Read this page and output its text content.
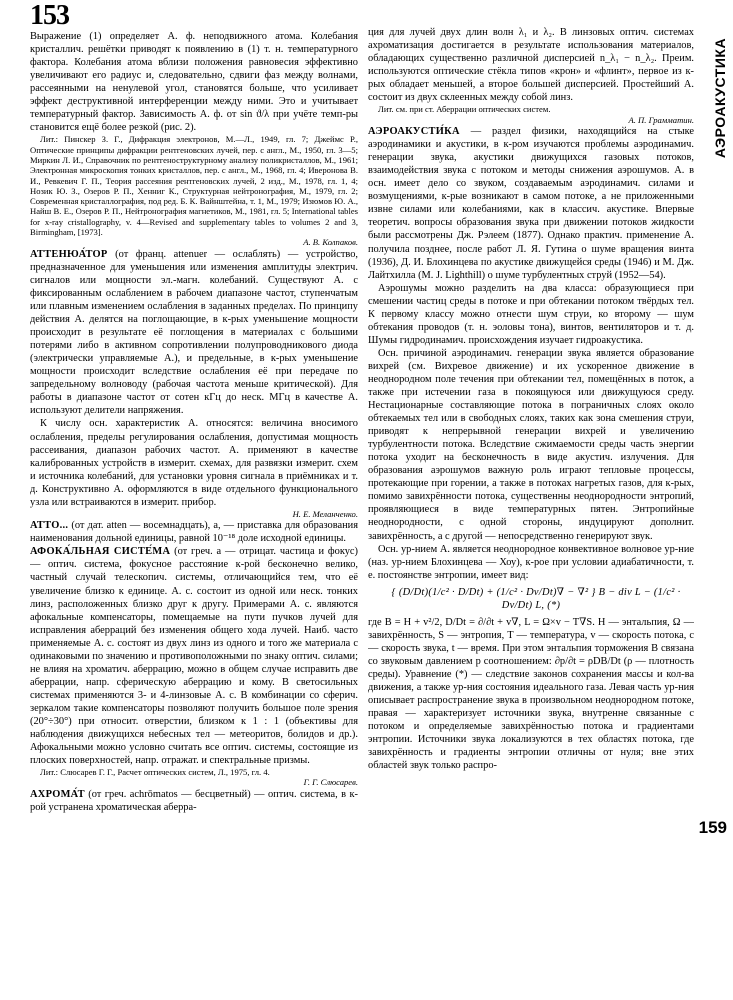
153
АЭРОАКУСТИКА
159

Выражение (1) определяет А. ф. неподвижного атома. Колебания кристаллич. решётки приводят к появлению в (1) т. н. температурного фактора. Колебания атома вблизи положения равновесия эффективно увеличивают его радиус и, следовательно, сдвиги фаз между волнами, рассеянными на ненулевой угол, становятся больше, что усиливает эффект деструктивной интерференции между ними. Это и учитывает температурный фактор. Зависимость А. ф. от sin ϑ/λ при учёте темп-ры становится ещё более резкой (рис. 2).

Лит.: Пинскер З. Г., Дифракция электронов, М.—Л., 1949, гл. 7; Джеймс Р., Оптические принципы дифракции рентгеновских лучей, пер. с англ., М., 1950, гл. 3—5; Миркин Л. И., Справочник по рентгеноструктурному анализу поликристаллов, М., 1961; Электронная микроскопия тонких кристаллов, пер. с англ., М., 1968, гл. 4; Иверонова В. И., Ревкевич Г. П., Теория рассеяния рентгеновских лучей, 2 изд., М., 1978, гл. 1, 4; Нозик Ю. З., Озеров Р. П., Хенниг К., Структурная нейтронография, М., 1979, гл. 2; Современная кристаллография, под ред. Б. К. Вайнштейна, т. 1, М., 1979; Изюмов Ю. А., Найш В. Е., Озеров Р. П., Нейтронография магнетиков, М., 1981, гл. 5; International tables for x-ray cristallography, v. 4—Revised and supplementary tables to volumes 2 and 3, Birmingham, [1973].

А. В. Колпаков.

АТТЕНЮА́ТОР (от франц. attenuer — ослаблять) — устройство, предназначенное для уменьшения или изменения амплитуды электрич. сигналов или мощности эл.-магн. колебаний. Существуют А. с фиксированным ослаблением в рабочем диапазоне частот, ступенчатым или плавным изменением ослабления в заданных пределах. По принципу действия А. делятся на поглощающие, в к-рых уменьшение мощности происходит в результате её поглощения в материалах с большими потерями либо в активном сопротивлении полупроводникового диода (электрически управляемые А.), и предельные, в к-рых уменьшение мощности происходит вследствие ослабления её при передаче по запредельному волноводу (рабочая частота меньше критической). Для работы в диапазоне частот от сотен кГц до неск. МГц в качестве А. используют делители напряжения.

К числу осн. характеристик А. относятся: величина вносимого ослабления, пределы регулирования ослабления, допустимая мощность рассеивания, диапазон рабочих частот. А. применяют в качестве калиброванных устройств в измерит. схемах, для развязки измерит. схем и источника колебаний, для установки уровня сигнала в приёмниках и т. д. Конструктивно А. оформляются в виде отдельного функционального узла или встраиваются в измерит. прибор.

Н. Е. Меланченко.

АТТО... (от дат. atten — восемнадцать), а, — приставка для образования наименования дольной единицы, равной 10⁻¹⁸ доле исходной единицы.

АФОКА́ЛЬНАЯ СИСТЕ́МА (от греч. а — отрицат. частица и фокус) — оптич. система, фокусное расстояние к-рой бесконечно велико, частный случай телескопич. системы, отличающийся тем, что её увеличение близко к единице. А. с. состоит из одной или неск. тонких линз, расположенных близко друг к другу. Примерами А. с. являются афокальные компенсаторы, помещаемые на пути пучков лучей для исправления аберраций без изменения общего хода лучей. Наиб. часто применяемые А. с. состоят из двух линз из одного и того же материала с одинаковыми по значению и противоположными по знаку оптич. силами; не влияя на хроматич. аберрацию, можно в общем случае исправить две аберрации, напр. сферическую аберрацию и кому. В светосильных системах применяются 3- и 4-линзовые А. с. В комбинации со сферич. зеркалом такие компенсаторы позволяют получить большое поле зрения (20°÷30°) при относит. отверстии, близком к 1 : 1 (объективы для наблюдения движущихся небесных тел — метеоритов, болидов и др.). Афокальными можно условно считать все оптич. системы, состоящие из плоских поверхностей, напр. отражат. и спектральные призмы.

Лит.: Слюсарев Г. Г., Расчет оптических систем, Л., 1975, гл. 4.

Г. Г. Слюсарев.

АХРОМА́Т (от греч. achrōmatos — бесцветный) — оптич. система, в к-рой устранена хроматическая аберра-

ция для лучей двух длин волн λ₁ и λ₂. В линзовых оптич. системах ахроматизация достигается в результате использования материалов, обладающих существенно различной дисперсией n_λ₁ − n_λ₂. Преим. используются оптические стёкла типов «крон» и «флинт», первое из к-рых обладает меньшей, а второе большей дисперсией. Простейший А. состоит из двух склеенных между собой линз.

Лит. см. при ст. Аберрации оптических систем.

А. П. Грамматин.

АЭРОАКУСТИ́КА — раздел физики, находящийся на стыке аэродинамики и акустики, в к-ром изучаются проблемы аэродинамич. генерации звука, акустики движущихся газовых потоков, взаимодействия звука с потоком и методы снижения аэрошумов. А. в осн. имеет дело со звуком, создаваемым аэродинамич. силами и возмущениями, к-рые возникают в самом потоке, а не приложенными извне силами или колебаниями, как в классич. акустике. Впервые теоретич. вопросы образования звука при движении потоков жидкости были рассмотрены Дж. Рэлеем (1877). Однако практич. применение А. получила позднее, после работ Л. Я. Гутина о шуме вращения винта (1936), Д. И. Блохинцева по акустике движущейся среды (1946) и М. Дж. Лайтхилла (M. J. Lighthill) о шуме турбулентных струй (1952—54).

Аэрошумы можно разделить на два класса: образующиеся при смешении частиц среды в потоке и при обтекании потоком твёрдых тел. К первому классу можно отнести шум струи, ко второму — шум обтекания проводов (т. н. эоловы тона), винтов, вентиляторов и т. д. Шумы гидродинамич. происхождения изучает гидроакустика.

Осн. причиной аэродинамич. генерации звука является образование вихрей (см. Вихревое движение) и их ускоренное движение в неоднородном поле течения при обтекании тел, помещённых в поток, а также при истечении газа в покоящуюся или движущуюся среду. Нестационарные составляющие потока в пограничных слоях около обтекаемых тел или в свободных слоях, таких как зона смешения струи, приводят к непрерывной генерации вихрей и увеличению турбулентности потока. Вследствие сжимаемости среды часть энергии потока уходит на бесконечность в виде акустич. излучения. Для образования аэрошумов важную роль играют тепловые процессы, протекающие при горении, а также в потоках нагретых газов, для к-рых, помимо завихрённости потока, существенны неоднородности энтропий, проявляющиеся в виде температурных пятен. Энтропийные неоднородности, с одной стороны, индуцируют дополнит. завихрённость, а с другой — непосредственно генерируют звук.

Осн. ур-нием А. является неоднородное конвективное волновое ур-ние (наз. ур-нием Блохинцева — Хоу), к-рое при условии адиабатичности, т. е. постоянстве энтропии, имеет вид:

{ (D/Dt)(1/c² · D/Dt) + (1/c² · Dv/Dt)∇ − ∇² } B − div L − (1/c² · Dv/Dt) L, (*)

где B = H + v²/2, D/Dt = ∂/∂t + v∇, L = Ω×v − T∇S. H — энтальпия, Ω — завихрённость, S — энтропия, T — температура, v — скорость потока, c — скорость звука, t — время. При этом энтальпия торможения B связана со звуковым давлением p соотношением: ∂p/∂t = ρDB/Dt (ρ — плотность среды). Уравнение (*) — следствие законов сохранения массы и кол-ва движения, а также ур-ния состояния идеального газа. Левая часть ур-ния описывает распространение звука в произвольном неоднородном потоке, правая — характеризует источники звука, внутренне связанные с потоком и определяемые завихрённостью потока и градиентами энтропии. Источники звука локализуются в тех областях потока, где завихрённость и градиенты энтропии отличны от нуля; вне этих областей звук только распро-
